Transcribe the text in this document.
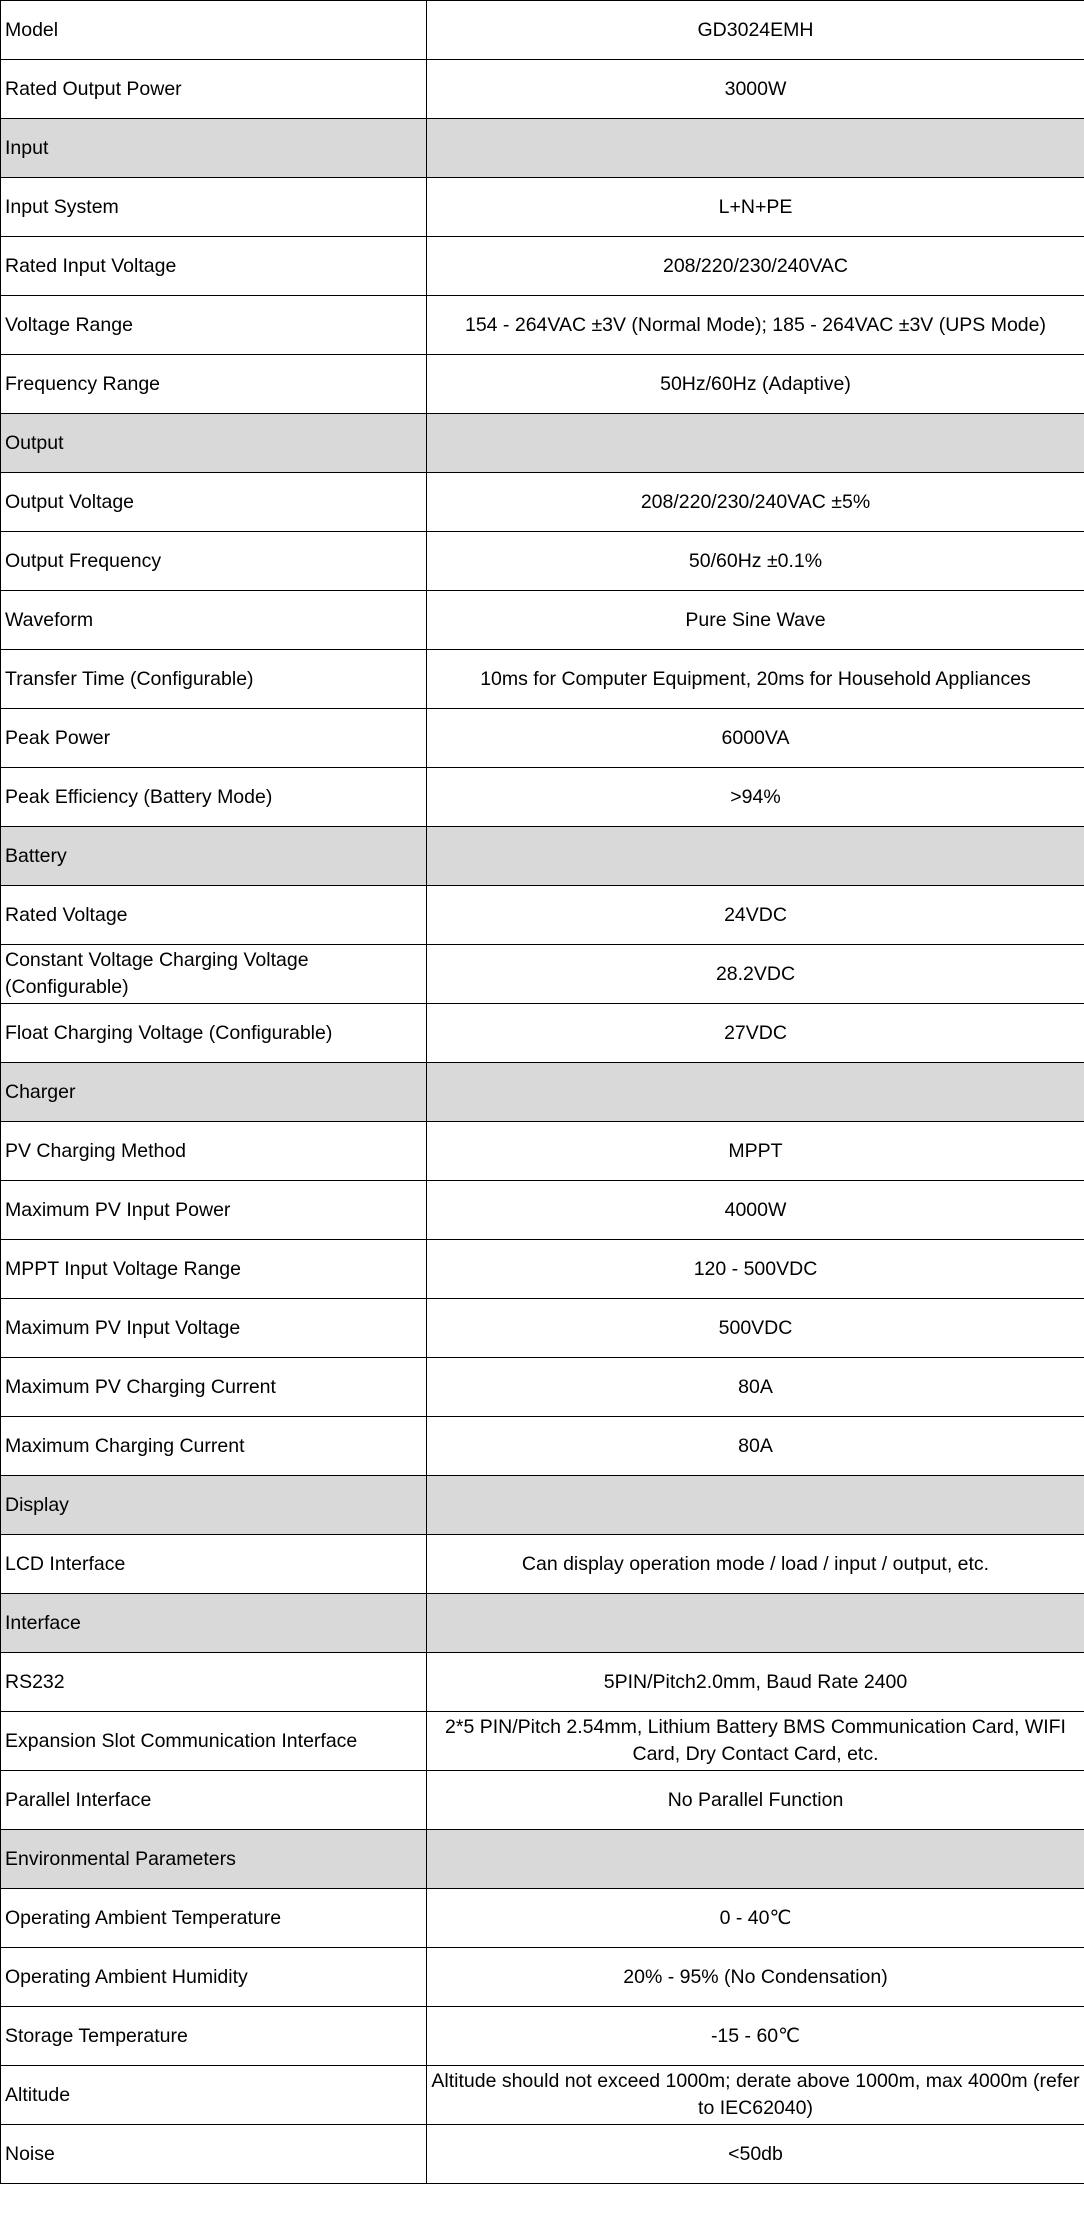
Model	GD3024EMH
Rated Output Power	3000W
Input	
Input System	L+N+PE
Rated Input Voltage	208/220/230/240VAC
Voltage Range	154 - 264VAC ±3V (Normal Mode); 185 - 264VAC ±3V (UPS Mode)
Frequency Range	50Hz/60Hz (Adaptive)
Output	
Output Voltage	208/220/230/240VAC ±5%
Output Frequency	50/60Hz ±0.1%
Waveform	Pure Sine Wave
Transfer Time (Configurable)	10ms for Computer Equipment, 20ms for Household Appliances
Peak Power	6000VA
Peak Efficiency (Battery Mode)	>94%
Battery	
Rated Voltage	24VDC
Constant Voltage Charging Voltage (Configurable)	28.2VDC
Float Charging Voltage (Configurable)	27VDC
Charger	
PV Charging Method	MPPT
Maximum PV Input Power	4000W
MPPT Input Voltage Range	120 - 500VDC
Maximum PV Input Voltage	500VDC
Maximum PV Charging Current	80A
Maximum Charging Current	80A
Display	
LCD Interface	Can display operation mode / load / input / output, etc.
Interface	
RS232	5PIN/Pitch2.0mm, Baud Rate 2400
Expansion Slot Communication Interface	2*5 PIN/Pitch 2.54mm, Lithium Battery BMS Communication Card, WIFI Card, Dry Contact Card, etc.
Parallel Interface	No Parallel Function
Environmental Parameters	
Operating Ambient Temperature	0 - 40℃
Operating Ambient Humidity	20% - 95% (No Condensation)
Storage Temperature	-15 - 60℃
Altitude	Altitude should not exceed 1000m; derate above 1000m, max 4000m (refer to IEC62040)
Noise	<50db
